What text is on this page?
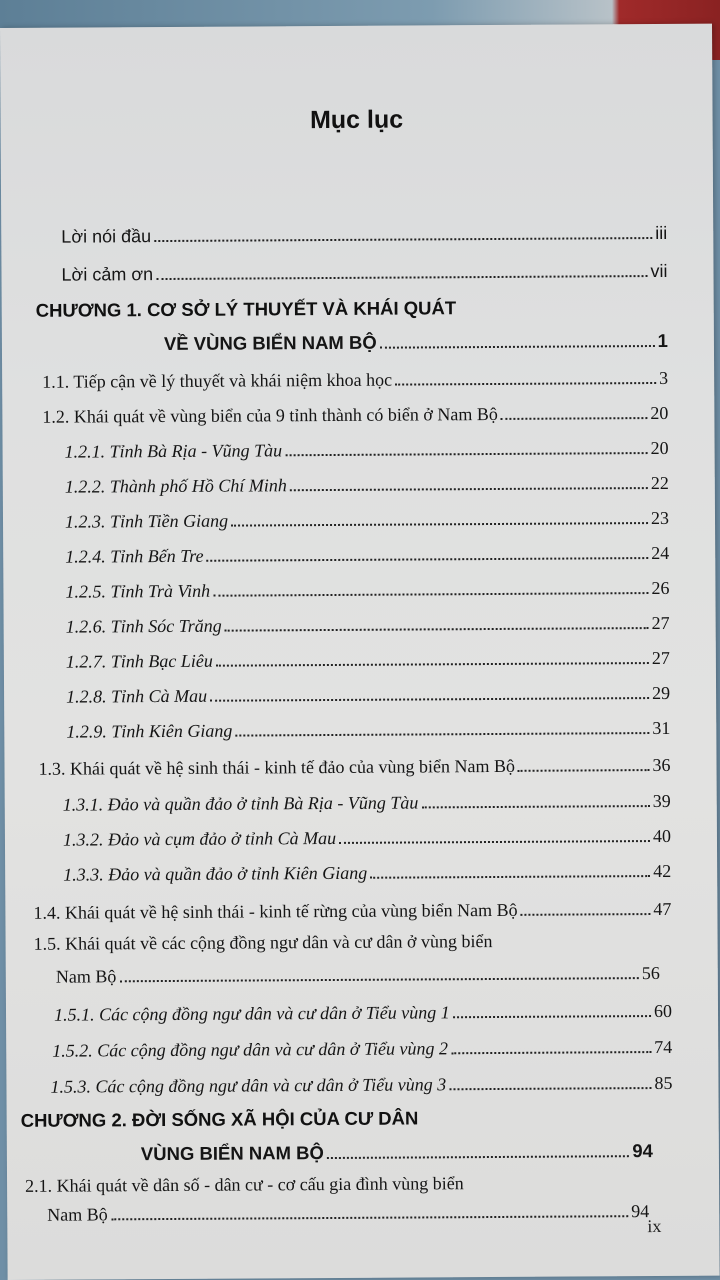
Mục lục
Lời nói đầu	iii
Lời cảm ơn	vii
CHƯƠNG 1. CƠ SỞ LÝ THUYẾT VÀ KHÁI QUÁT
VỀ VÙNG BIỂN NAM BỘ	1
1.1. Tiếp cận về lý thuyết và khái niệm khoa học	3
1.2. Khái quát về vùng biển của 9 tỉnh thành có biển ở Nam Bộ	20
1.2.1. Tỉnh Bà Rịa - Vũng Tàu	20
1.2.2. Thành phố Hồ Chí Minh	22
1.2.3. Tỉnh Tiền Giang	23
1.2.4. Tỉnh Bến Tre	24
1.2.5. Tỉnh Trà Vinh	26
1.2.6. Tỉnh Sóc Trăng	27
1.2.7. Tỉnh Bạc Liêu	27
1.2.8. Tỉnh Cà Mau	29
1.2.9. Tỉnh Kiên Giang	31
1.3. Khái quát về hệ sinh thái - kinh tế đảo của vùng biển Nam Bộ	36
1.3.1. Đảo và quần đảo ở tỉnh Bà Rịa - Vũng Tàu	39
1.3.2. Đảo và cụm đảo ở tỉnh Cà Mau	40
1.3.3. Đảo và quần đảo ở tỉnh Kiên Giang	42
1.4. Khái quát về hệ sinh thái - kinh tế rừng của vùng biển Nam Bộ	47
1.5. Khái quát về các cộng đồng ngư dân và cư dân ở vùng biển
Nam Bộ	56
1.5.1. Các cộng đồng ngư dân và cư dân ở Tiểu vùng 1	60
1.5.2. Các cộng đồng ngư dân và cư dân ở Tiểu vùng 2	74
1.5.3. Các cộng đồng ngư dân và cư dân ở Tiểu vùng 3	85
CHƯƠNG 2. ĐỜI SỐNG XÃ HỘI CỦA CƯ DÂN
VÙNG BIỂN NAM BỘ	94
2.1. Khái quát về dân số - dân cư - cơ cấu gia đình vùng biển
Nam Bộ	94
ix
